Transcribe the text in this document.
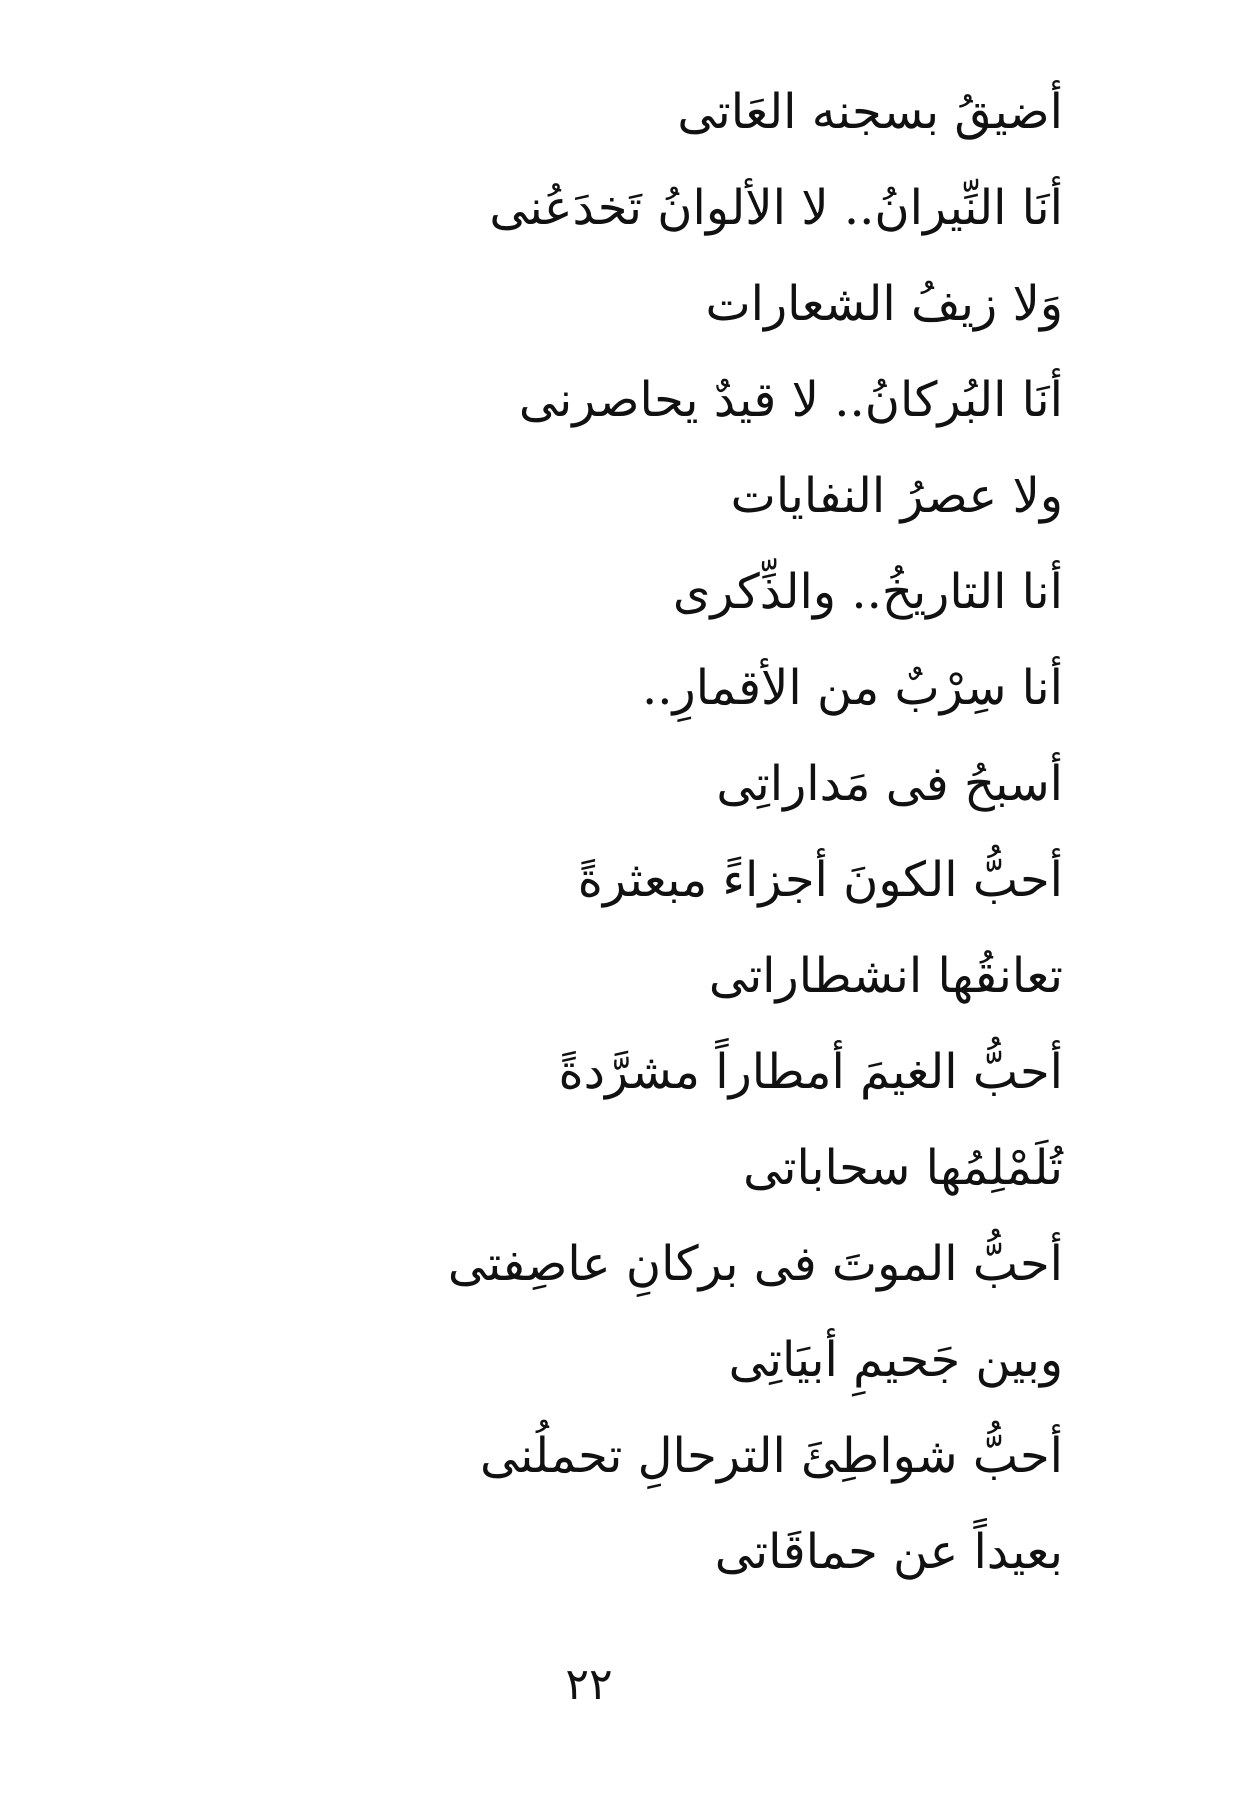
أضيقُ بسجنه العَاتى
أنَا النِّيرانُ.. لا الألوانُ تَخدَعُنى
وَلا زيفُ الشعارات
أنَا البُركانُ.. لا قيدٌ يحاصرنى
ولا عصرُ النفايات
أنا التاريخُ.. والذِّكرى
أنا سِرْبٌ من الأقمارِ..
أسبحُ فى مَداراتِى
أحبُّ الكونَ أجزاءً مبعثرةً
تعانقُها انشطاراتى
أحبُّ الغيمَ أمطاراً مشرَّدةً
تُلَمْلِمُها سحاباتى
أحبُّ الموتَ فى بركانِ عاصِفتى
وبين جَحيمِ أبيَاتِى
أحبُّ شواطِئَ الترحالِ تحملُنى
بعيداً عن حماقَاتى
٢٢
